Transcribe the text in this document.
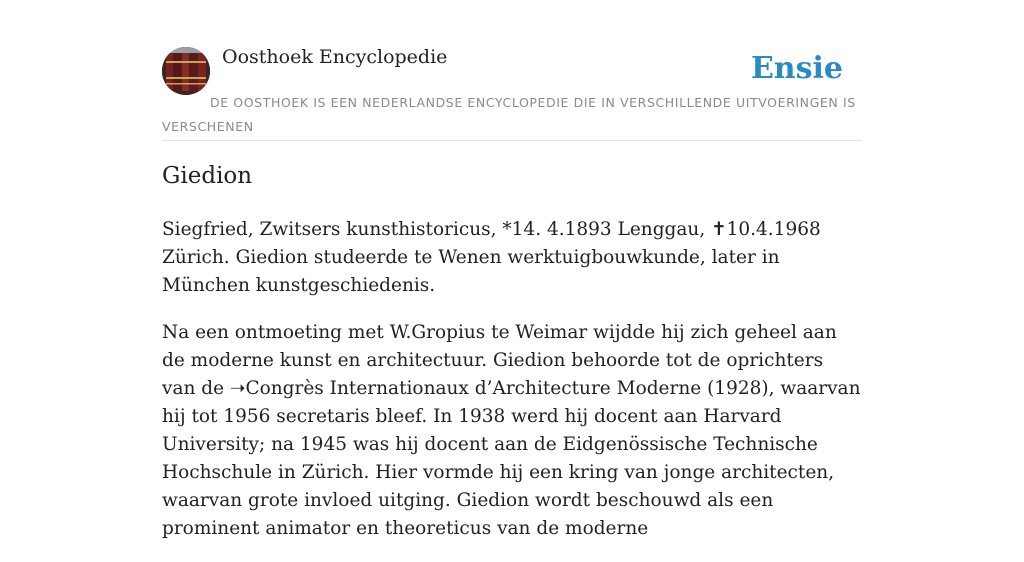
Oosthoek Encyclopedie	Ensie
DE OOSTHOEK IS EEN NEDERLANDSE ENCYCLOPEDIE DIE IN VERSCHILLENDE UITVOERINGEN IS VERSCHENEN
Giedion

Siegfried, Zwitsers kunsthistoricus, *14. 4.1893 Lenggau, ✝10.4.1968 Zürich. Giedion studeerde te Wenen werktuigbouwkunde, later in München kunstgeschiedenis.

Na een ontmoeting met W.Gropius te Weimar wijdde hij zich geheel aan de moderne kunst en architectuur. Giedion behoorde tot de oprichters van de ➝Congrès Internationaux d’Architecture Moderne (1928), waarvan hij tot 1956 secretaris bleef. In 1938 werd hij docent aan Harvard University; na 1945 was hij docent aan de Eidgenössische Technische Hochschule in Zürich. Hier vormde hij een kring van jonge architecten, waarvan grote invloed uitging. Giedion wordt beschouwd als een prominent animator en theoreticus van de moderne
